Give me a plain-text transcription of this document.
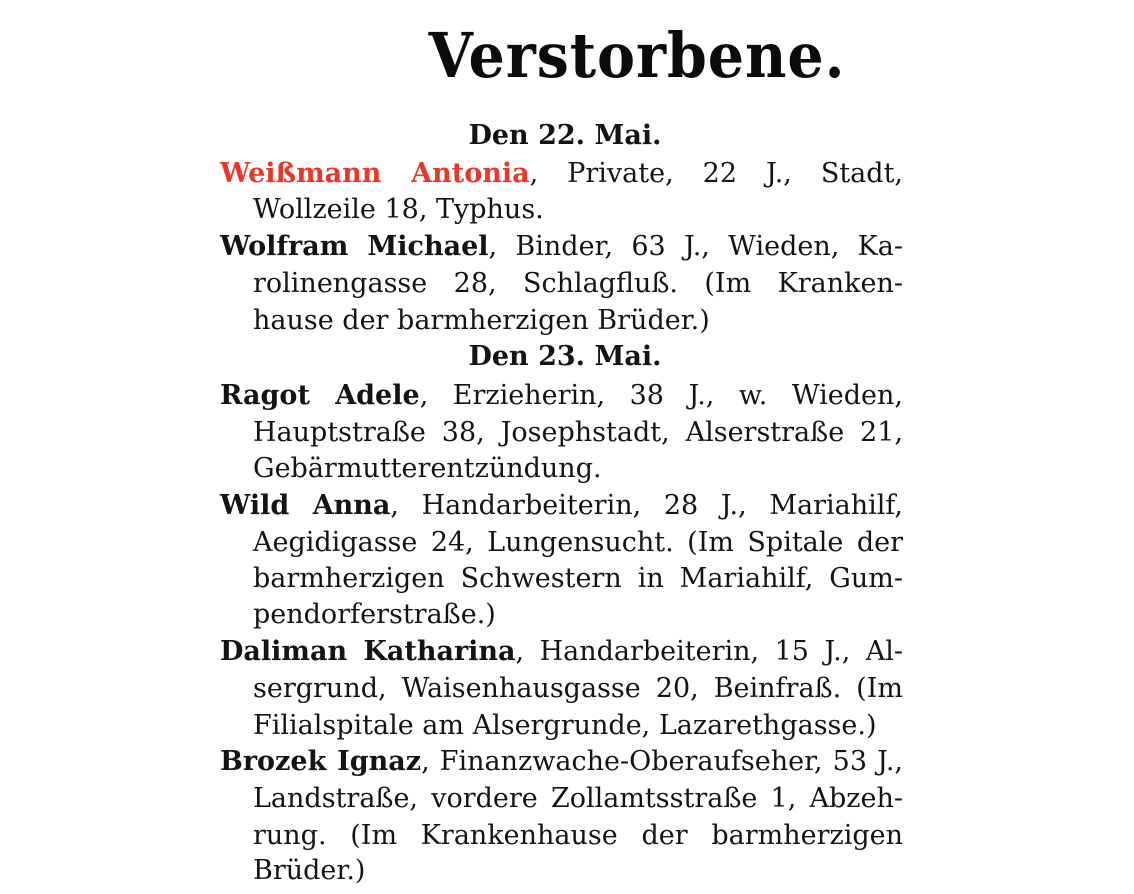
Verstorbene.
Den 22. Mai.
Weißmann Antonia, Private, 22 J., Stadt,
Wollzeile 18, Typhus.
Wolfram Michael, Binder, 63 J., Wieden, Ka-
rolinengasse 28, Schlagfluß. (Im Kranken-
hause der barmherzigen Brüder.)
Den 23. Mai.
Ragot Adele, Erzieherin, 38 J., w. Wieden,
Hauptstraße 38, Josephstadt, Alserstraße 21,
Gebärmutterentzündung.
Wild Anna, Handarbeiterin, 28 J., Mariahilf,
Aegidigasse 24, Lungensucht. (Im Spitale der
barmherzigen Schwestern in Mariahilf, Gum-
pendorferstraße.)
Daliman Katharina, Handarbeiterin, 15 J., Al-
sergrund, Waisenhausgasse 20, Beinfraß. (Im
Filialspitale am Alsergrunde, Lazarethgasse.)
Brozek Ignaz, Finanzwache-Oberaufseher, 53 J.,
Landstraße, vordere Zollamtsstraße 1, Abzeh-
rung. (Im Krankenhause der barmherzigen
Brüder.)
